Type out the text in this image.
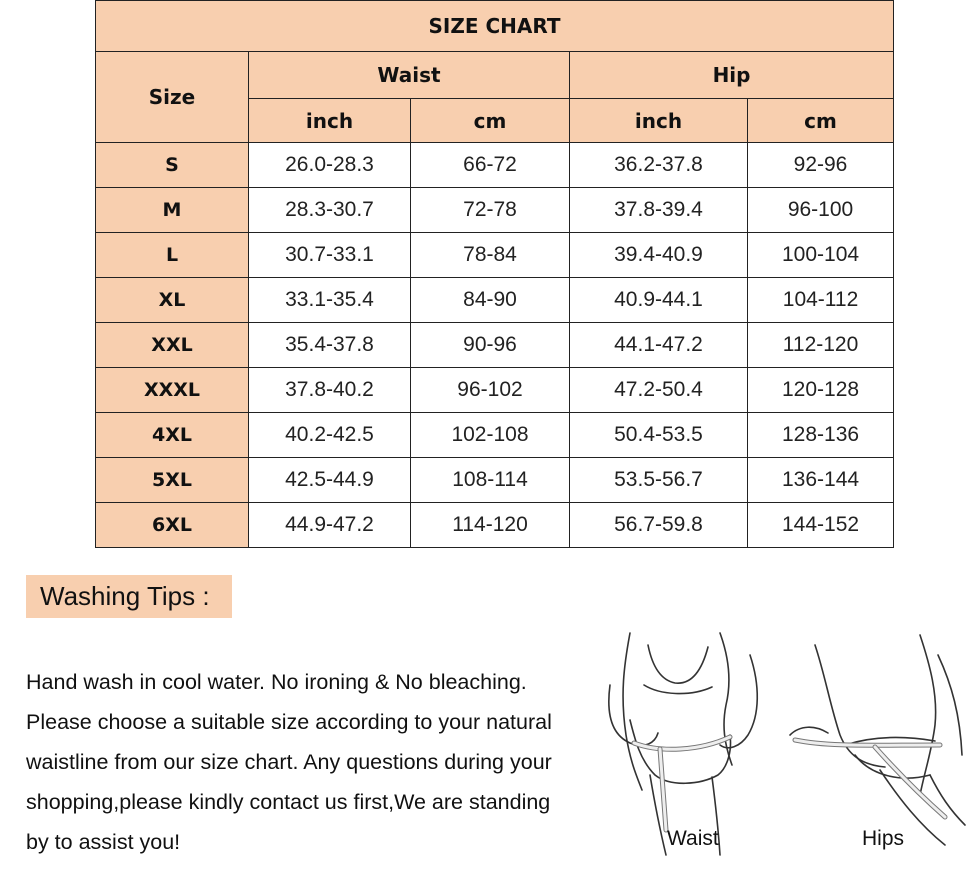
SIZE CHART				
Size	Waist		Hip	
	inch	cm	inch	cm
S	26.0-28.3	66-72	36.2-37.8	92-96
M	28.3-30.7	72-78	37.8-39.4	96-100
L	30.7-33.1	78-84	39.4-40.9	100-104
XL	33.1-35.4	84-90	40.9-44.1	104-112
XXL	35.4-37.8	90-96	44.1-47.2	112-120
XXXL	37.8-40.2	96-102	47.2-50.4	120-128
4XL	40.2-42.5	102-108	50.4-53.5	128-136
5XL	42.5-44.9	108-114	53.5-56.7	136-144
6XL	44.9-47.2	114-120	56.7-59.8	144-152
Washing Tips :

Hand wash in cool water. No ironing & No bleaching.
Please choose a suitable size according to your natural
waistline from our size chart. Any questions during your
shopping,please kindly contact us first,We are standing
by to assist you!	Waist	Hips
